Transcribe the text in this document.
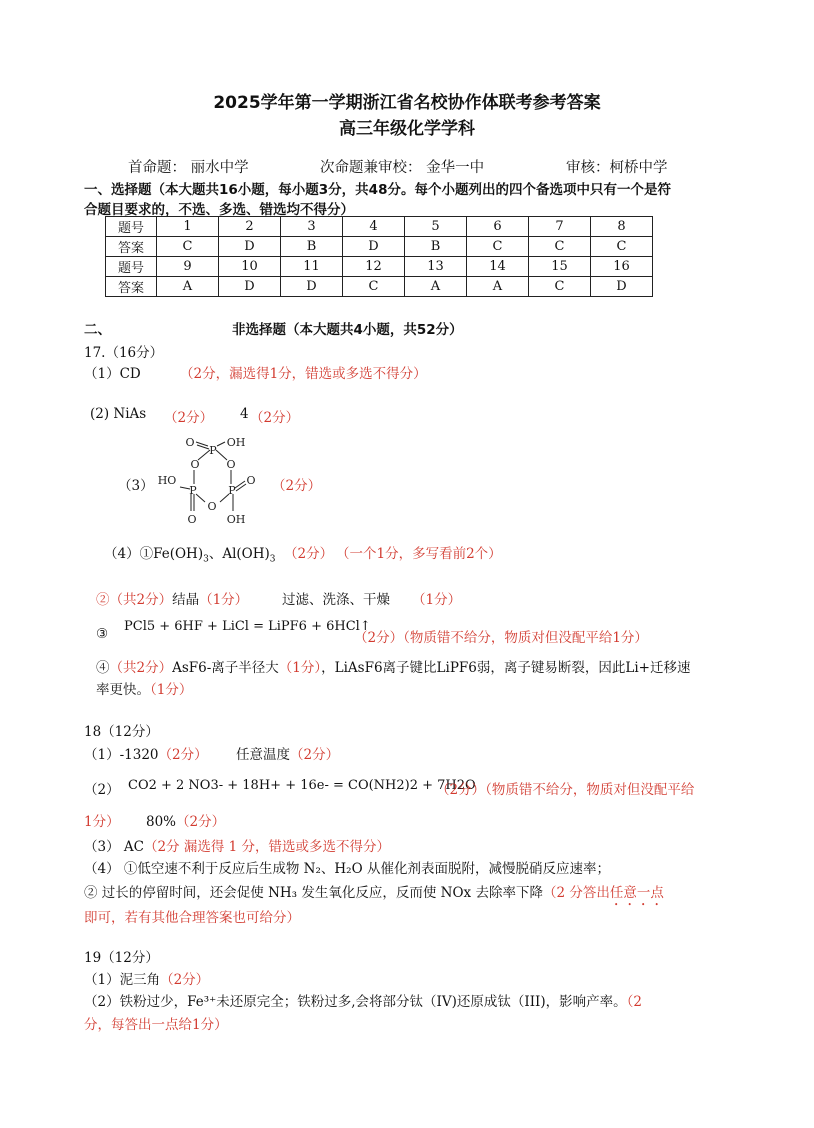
2025学年第一学期浙江省名校协作体联考参考答案
高三年级化学学科
首命题： 丽水中学	次命题兼审校： 金华一中	审核：柯桥中学
一、选择题（本大题共16小题，每小题3分，共48分。每个小题列出的四个备选项中只有一个是符
合题目要求的，不选、多选、错选均不得分）
题号	1	2	3	4	5	6	7	8
答案	C	D	B	D	B	C	C	C
题号	9	10	11	12	13	14	15	16
答案	A	D	D	C	A	A	C	D
二、	非选择题（本大题共4小题，共52分）
17.（16分）
（1）CD	（2分，漏选得1分，错选或多选不得分）
(2) NiAs （2分） 4 （2分）
（3）
O
P
OH
O O
HO
P	P
O
O
O	OH
（2分）
$(4)①Fe(OH)_3$、$Al(OH)_3$ （2分） （一个1分，多写看前2个）
②（共2分）结晶（1分）	过滤、洗涤、干燥 （1分）
③ PCl5 + 6HF + LiCl = LiPF6 + 6HCl↑
（2分）（物质错不给分，物质对但没配平给1分）
④（共2分）AsF6-离子半径大（1分），LiAsF6离子键比LiPF6弱，离子键易断裂，因此Li+迁移速
率更快。（1分）
18（12分）
（1）-1320（2分） 任意温度（2分）
（2） CO2 + 2 NO3- + 18H+ + 16e- = CO(NH2)2 + 7H2O
（2分）（物质错不给分，物质对但没配平给
1分） 80%（2分）
（3） AC（2分 漏选得 1 分，错选或多选不得分）
（4） ①低空速不利于反应后生成物 N₂、H₂O 从催化剂表面脱附，减慢脱硝反应速率；
② 过长的停留时间，还会促使 NH₃ 发生氧化反应，反而使 NOx 去除率下降（2 分答出任意一点
即可，若有其他合理答案也可给分）
19（12分）
（1）泥三角（2分）
（2）铁粉过少，Fe³⁺未还原完全；铁粉过多,会将部分钛（IV)还原成钛（III)，影响产率。（2
分，每答出一点给1分）
